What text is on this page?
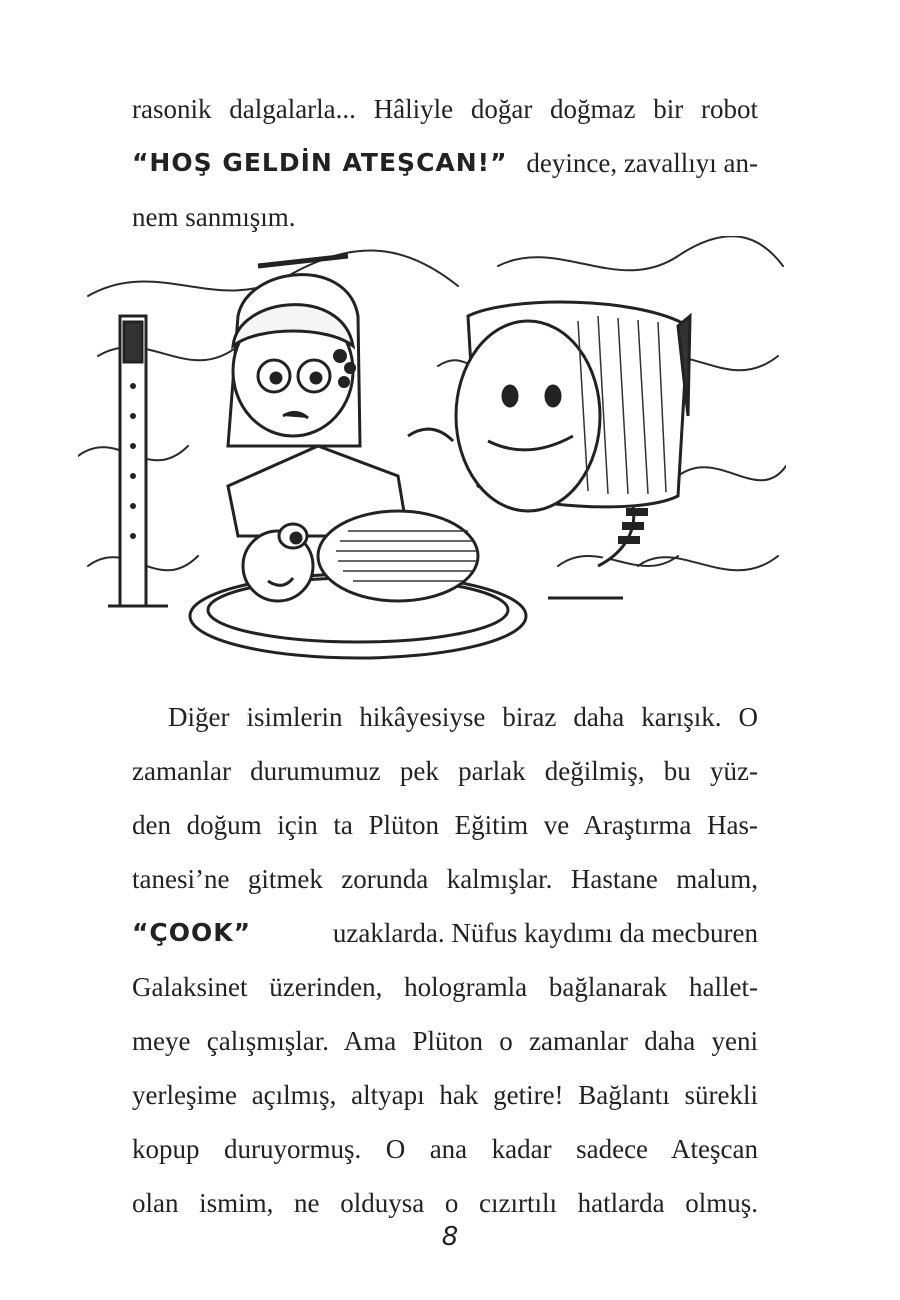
rasonik dalgalarla... Hâliyle doğar doğmaz bir robot
“HOŞ GELDİN ATEŞCAN!” deyince, zavallıyı an-
nem sanmışım.
Diğer isimlerin hikâyesiyse biraz daha karışık. O
zamanlar durumumuz pek parlak değilmiş, bu yüz-
den doğum için ta Plüton Eğitim ve Araştırma Has-
tanesi’ne gitmek zorunda kalmışlar. Hastane malum,
“ÇOOK”	uzaklarda. Nüfus kaydımı da mecburen
Galaksinet üzerinden, hologramla bağlanarak hallet-
meye çalışmışlar. Ama Plüton o zamanlar daha yeni
yerleşime açılmış, altyapı hak getire! Bağlantı sürekli
kopup duruyormuş. O ana kadar sadece Ateşcan
olan ismim, ne olduysa o cızırtılı hatlarda olmuş.
8
